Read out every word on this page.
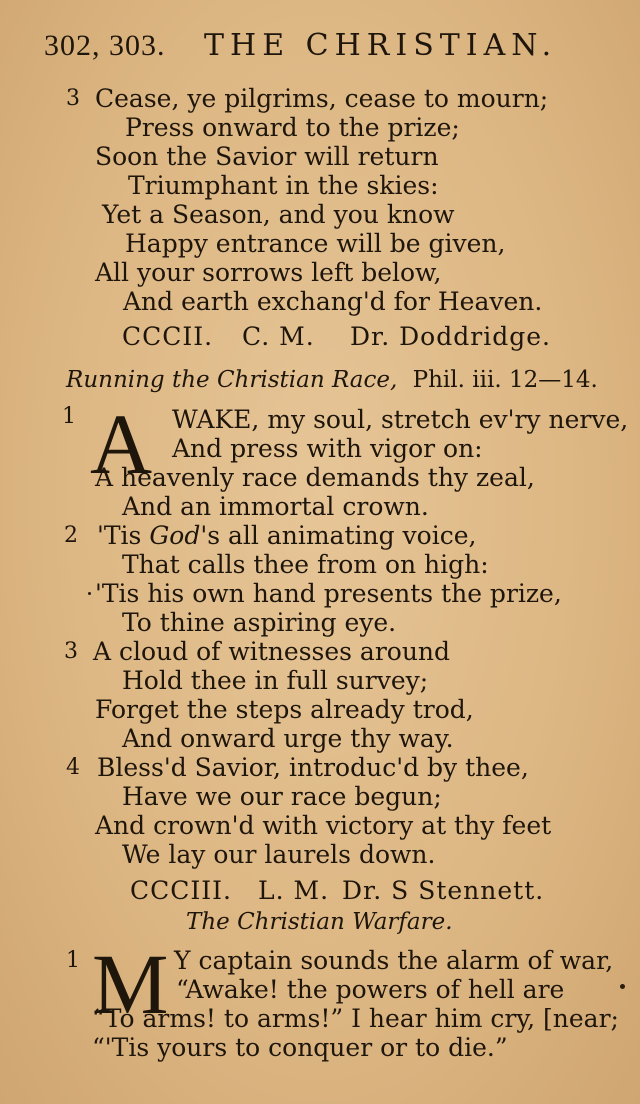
302, 303. THE CHRISTIAN.
3 Cease, ye pilgrims, cease to mourn;
Press onward to the prize;
Soon the Savior will return
Triumphant in the skies:
Yet a Season, and you know
Happy entrance will be given,
All your sorrows left below,
And earth exchang'd for Heaven.
CCCII. C. M. Dr. Doddridge.
Running the Christian Race, Phil. iii. 12—14.
1 A WAKE, my soul, stretch ev'ry nerve,
And press with vigor on:
A heavenly race demands thy zeal,
And an immortal crown.
2 'Tis God's all animating voice,
That calls thee from on high:
'Tis his own hand presents the prize,
To thine aspiring eye.
3 A cloud of witnesses around
Hold thee in full survey;
Forget the steps already trod,
And onward urge thy way.
4 Bless'd Savior, introduc'd by thee,
Have we our race begun;
And crown'd with victory at thy feet
We lay our laurels down.
CCCIII. L. M. Dr. S Stennett.
The Christian Warfare.
1 M Y captain sounds the alarm of war,
“Awake! the powers of hell are
“To arms! to arms!” I hear him cry, [near;
“'Tis yours to conquer or to die.”
